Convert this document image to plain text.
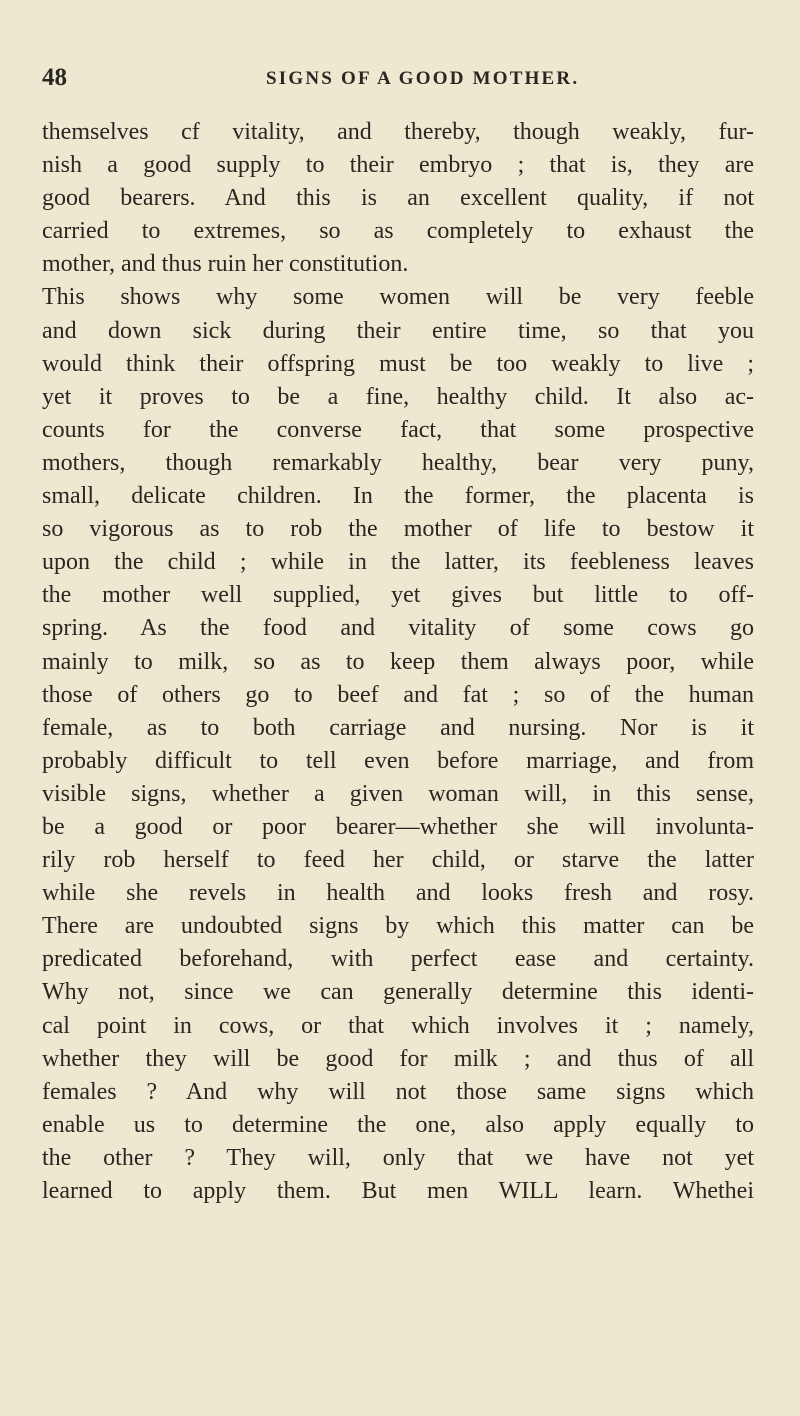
48	SIGNS OF A GOOD MOTHER.
themselves cf vitality, and thereby, though weakly, fur-
nish a good supply to their embryo ; that is, they are
good bearers. And this is an excellent quality, if not
carried to extremes, so as completely to exhaust the
mother, and thus ruin her constitution.
This shows why some women will be very feeble
and down sick during their entire time, so that you
would think their offspring must be too weakly to live ;
yet it proves to be a fine, healthy child. It also ac-
counts for the converse fact, that some prospective
mothers, though remarkably healthy, bear very puny,
small, delicate children. In the former, the placenta is
so vigorous as to rob the mother of life to bestow it
upon the child ; while in the latter, its feebleness leaves
the mother well supplied, yet gives but little to off-
spring. As the food and vitality of some cows go
mainly to milk, so as to keep them always poor, while
those of others go to beef and fat ; so of the human
female, as to both carriage and nursing. Nor is it
probably difficult to tell even before marriage, and from
visible signs, whether a given woman will, in this sense,
be a good or poor bearer—whether she will involunta-
rily rob herself to feed her child, or starve the latter
while she revels in health and looks fresh and rosy.
There are undoubted signs by which this matter can be
predicated beforehand, with perfect ease and certainty.
Why not, since we can generally determine this identi-
cal point in cows, or that which involves it ; namely,
whether they will be good for milk ; and thus of all
females ? And why will not those same signs which
enable us to determine the one, also apply equally to
the other ? They will, only that we have not yet
learned to apply them. But men WILL learn. Whethei
